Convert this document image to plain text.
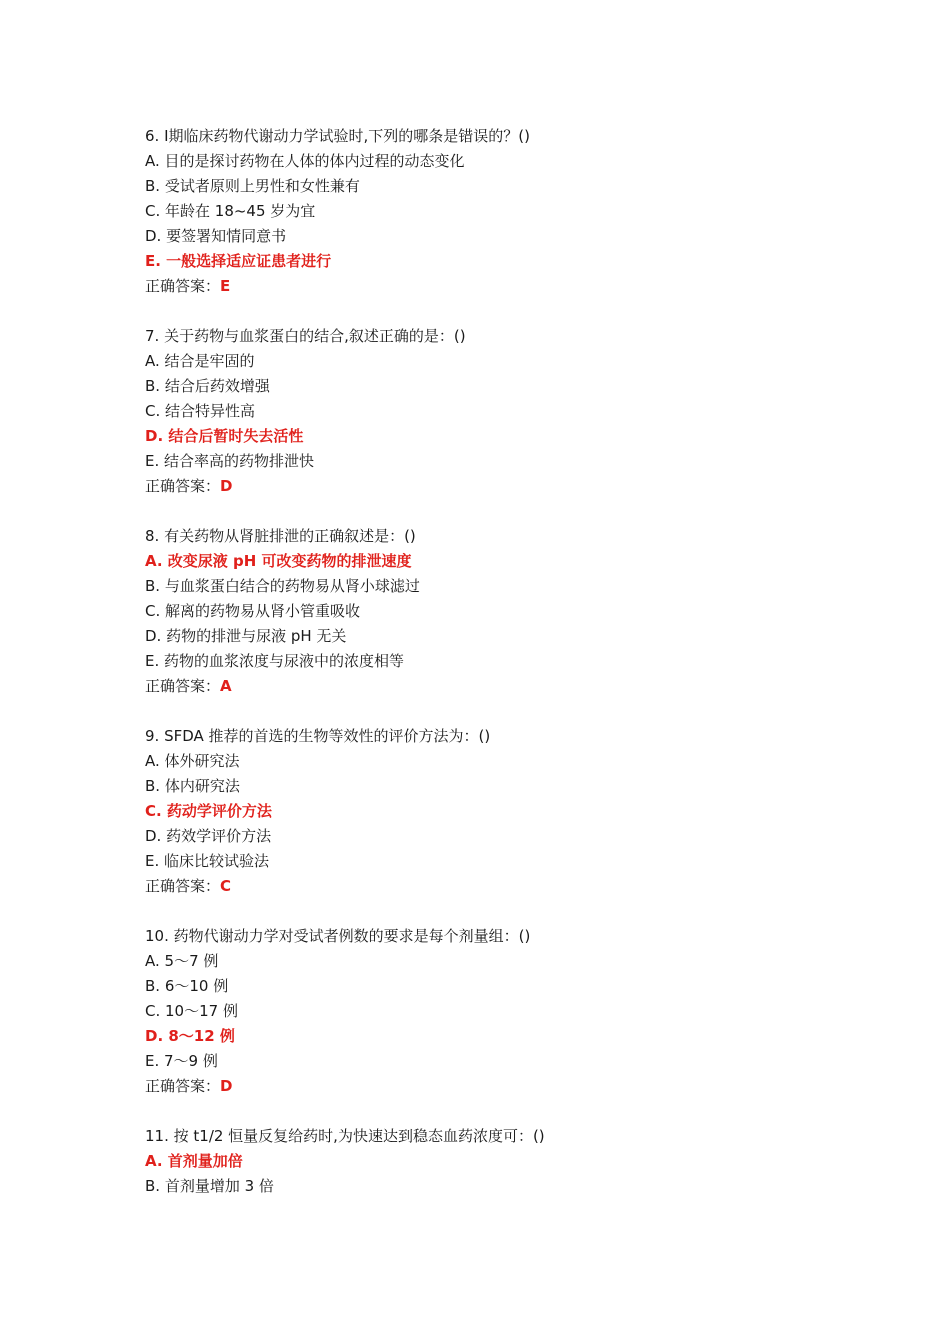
6. Ⅰ期临床药物代谢动力学试验时,下列的哪条是错误的？()
A. 目的是探讨药物在人体的体内过程的动态变化
B. 受试者原则上男性和女性兼有
C. 年龄在 18~45 岁为宜
D. 要签署知情同意书
E. 一般选择适应证患者进行
正确答案：E
7. 关于药物与血浆蛋白的结合,叙述正确的是：()
A. 结合是牢固的
B. 结合后药效增强
C. 结合特异性高
D. 结合后暂时失去活性
E. 结合率高的药物排泄快
正确答案：D
8. 有关药物从肾脏排泄的正确叙述是：()
A. 改变尿液 pH 可改变药物的排泄速度
B. 与血浆蛋白结合的药物易从肾小球滤过
C. 解离的药物易从肾小管重吸收
D. 药物的排泄与尿液 pH 无关
E. 药物的血浆浓度与尿液中的浓度相等
正确答案：A
9. SFDA 推荐的首选的生物等效性的评价方法为：()
A. 体外研究法
B. 体内研究法
C. 药动学评价方法
D. 药效学评价方法
E. 临床比较试验法
正确答案：C
10. 药物代谢动力学对受试者例数的要求是每个剂量组：()
A. 5～7 例
B. 6～10 例
C. 10～17 例
D. 8～12 例
E. 7～9 例
正确答案：D
11. 按 t1/2 恒量反复给药时,为快速达到稳态血药浓度可：()
A. 首剂量加倍
B. 首剂量增加 3 倍
